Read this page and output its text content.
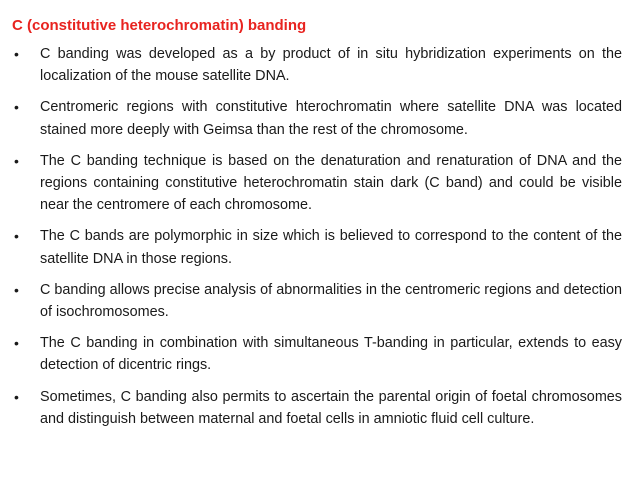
C (constitutive heterochromatin) banding
• C banding was developed as a by product of in situ hybridization experiments on the localization of the mouse satellite DNA.
• Centromeric regions with constitutive hterochromatin where satellite DNA was located stained more deeply with Geimsa than the rest of the chromosome.
• The C banding technique is based on the denaturation and renaturation of DNA and the regions containing constitutive heterochromatin stain dark (C band) and could be visible near the centromere of each chromosome.
• The C bands are polymorphic in size which is believed to correspond to the content of the satellite DNA in those regions.
• C banding allows precise analysis of abnormalities in the centromeric regions and detection of isochromosomes.
• The C banding in combination with simultaneous T-banding in particular, extends to easy detection of dicentric rings.
• Sometimes, C banding also permits to ascertain the parental origin of foetal chromosomes and distinguish between maternal and foetal cells in amniotic fluid cell culture.
